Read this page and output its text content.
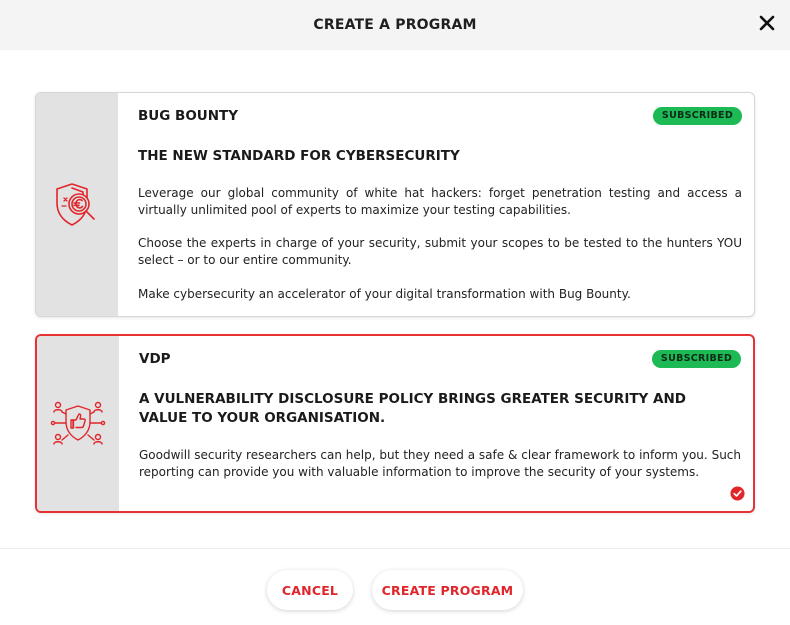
CREATE A PROGRAM
BUG BOUNTY	SUBSCRIBED
THE NEW STANDARD FOR CYBERSECURITY

Leverage our global community of white hat hackers: forget penetration testing and access a virtually unlimited pool of experts to maximize your testing capabilities.

Choose the experts in charge of your security, submit your scopes to be tested to the hunters YOU select – or to our entire community.

Make cybersecurity an accelerator of your digital transformation with Bug Bounty.

VDP	SUBSCRIBED
A VULNERABILITY DISCLOSURE POLICY BRINGS GREATER SECURITY AND VALUE TO YOUR ORGANISATION.

Goodwill security researchers can help, but they need a safe & clear framework to inform you. Such reporting can provide you with valuable information to improve the security of your systems.

CANCEL	CREATE PROGRAM
